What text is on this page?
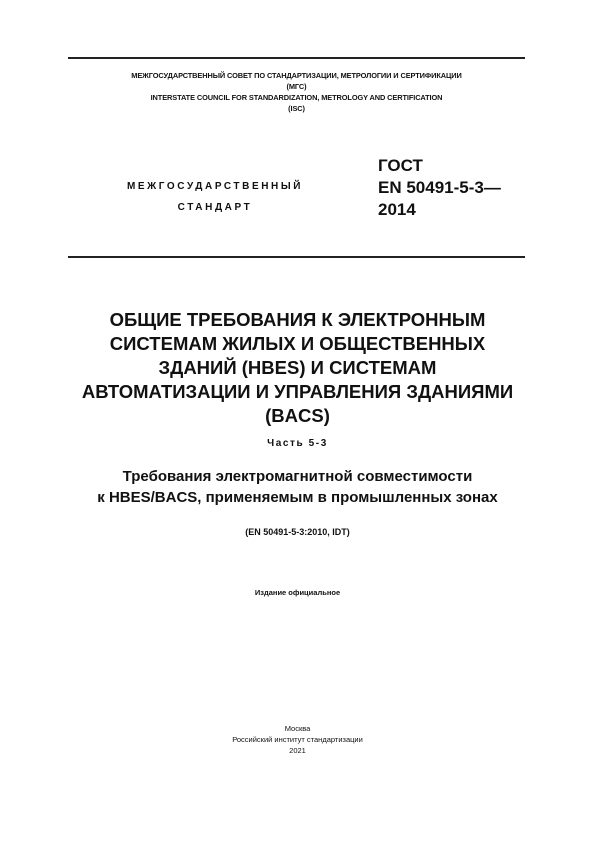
МЕЖГОСУДАРСТВЕННЫЙ СОВЕТ ПО СТАНДАРТИЗАЦИИ, МЕТРОЛОГИИ И СЕРТИФИКАЦИИ
(МГС)
INTERSTATE COUNCIL FOR STANDARDIZATION, METROLOGY AND CERTIFICATION
(ISC)
МЕЖГОСУДАРСТВЕННЫЙ
СТАНДАРТ
ГОСТ
EN 50491-5-3—
2014
ОБЩИЕ ТРЕБОВАНИЯ К ЭЛЕКТРОННЫМ
СИСТЕМАМ ЖИЛЫХ И ОБЩЕСТВЕННЫХ
ЗДАНИЙ (HBES) И СИСТЕМАМ
АВТОМАТИЗАЦИИ И УПРАВЛЕНИЯ ЗДАНИЯМИ
(BACS)
Часть 5-3
Требования электромагнитной совместимости
к HBES/BACS, применяемым в промышленных зонах
(EN 50491-5-3:2010, IDT)
Издание официальное
Москва
Российский институт стандартизации
2021
